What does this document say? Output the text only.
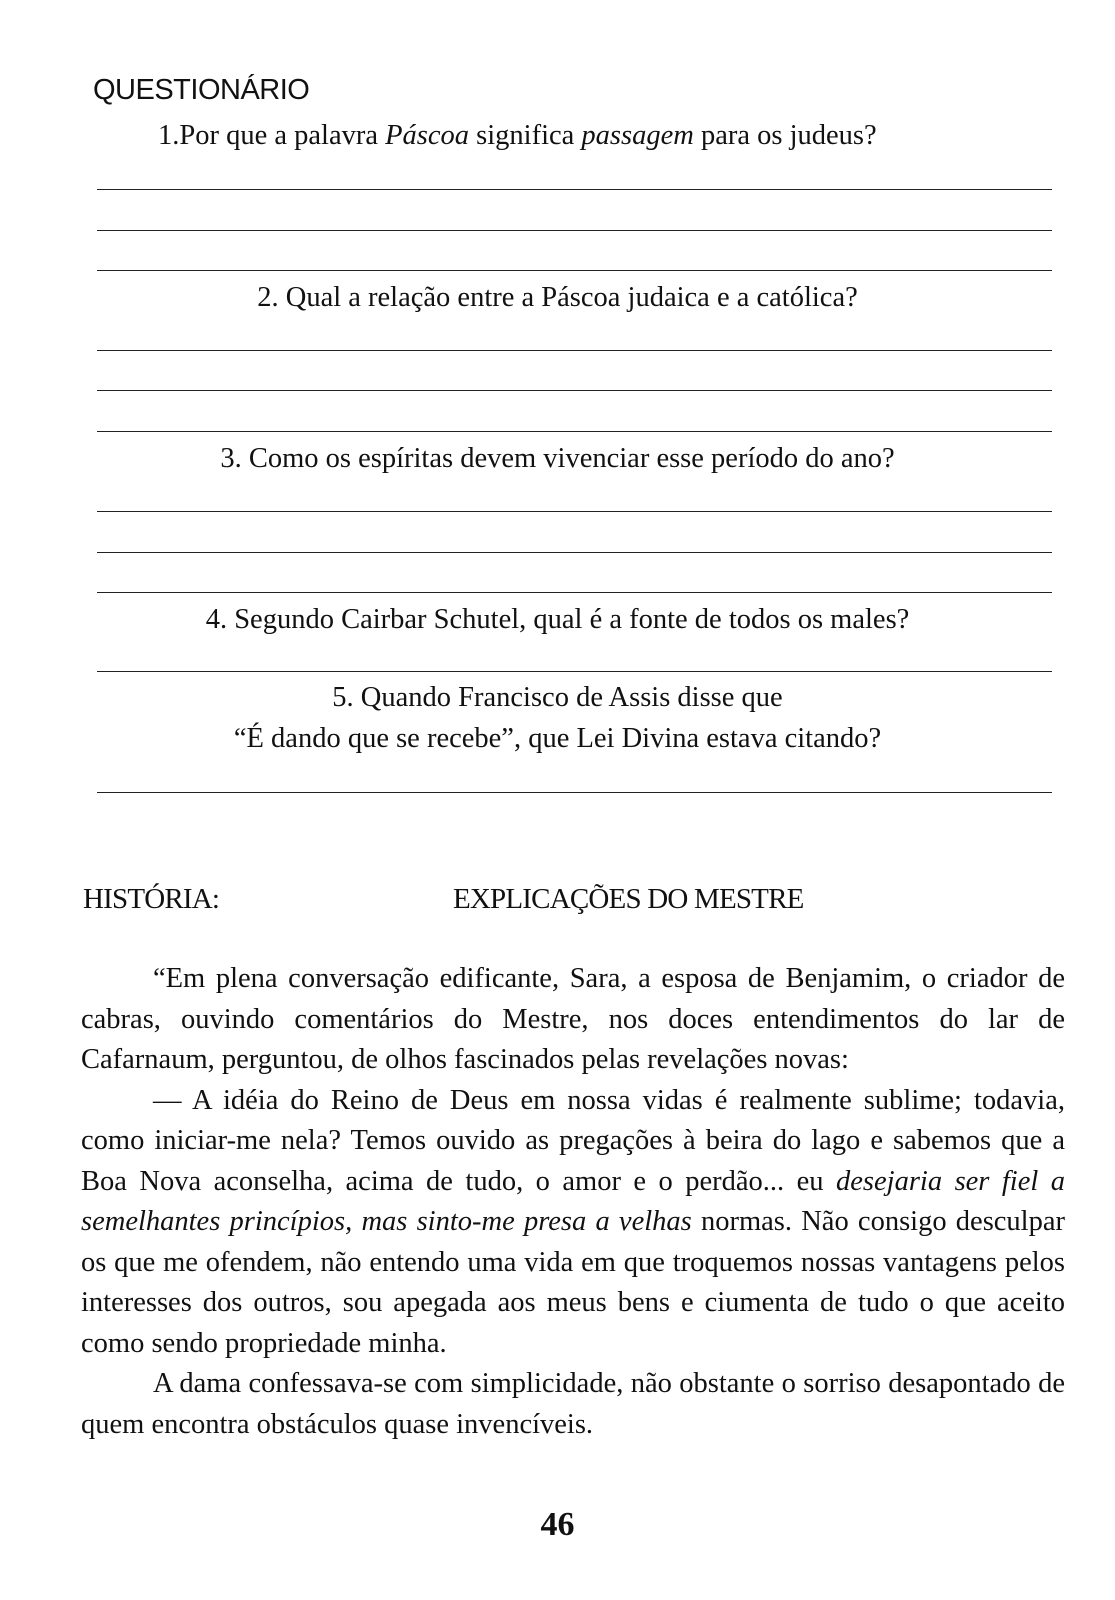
QUESTIONÁRIO
1.Por que a palavra Páscoa significa passagem para os judeus?
2. Qual a relação entre a Páscoa judaica e a católica?
3. Como os espíritas devem vivenciar esse período do ano?
4. Segundo Cairbar Schutel, qual é a fonte de todos os males?
5. Quando Francisco de Assis disse que
“É dando que se recebe”, que Lei Divina estava citando?
HISTÓRIA:	EXPLICAÇÕES DO MESTRE

“Em plena conversação edificante, Sara, a esposa de Benjamim, o criador de cabras, ouvindo comentários do Mestre, nos doces entendimentos do lar de Cafarnaum, perguntou, de olhos fascinados pelas revelações novas:

— A idéia do Reino de Deus em nossa vidas é realmente sublime; todavia, como iniciar-me nela? Temos ouvido as pregações à beira do lago e sabemos que a Boa Nova aconselha, acima de tudo, o amor e o perdão... eu desejaria ser fiel a semelhantes princípios, mas sinto-me presa a velhas normas. Não consigo desculpar os que me ofendem, não entendo uma vida em que troquemos nossas vantagens pelos interesses dos outros, sou apegada aos meus bens e ciumenta de tudo o que aceito como sendo propriedade minha.

A dama confessava-se com simplicidade, não obstante o sorriso desapontado de quem encontra obstáculos quase invencíveis.

46
